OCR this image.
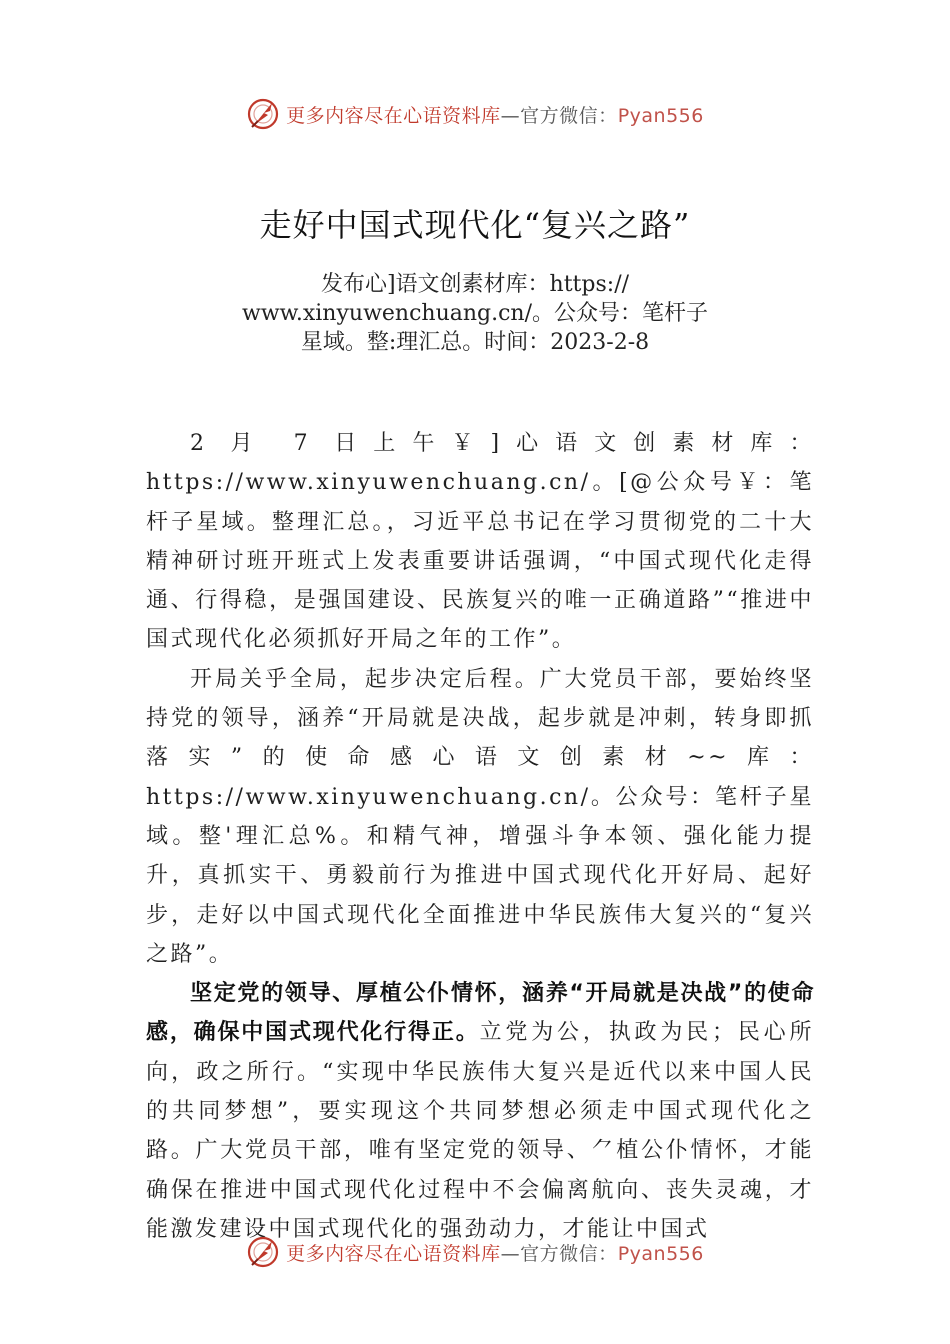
更多内容尽在心语资料库—官方微信：Pyan556
走好中国式现代化“复兴之路”
发布心]语文创素材库：https://
www.xinyuwenchuang.cn/。公众号：笔杆子
星域。整:理汇总。时间：2023-2-8

2 月 7 日上午￥]心语文创素材库：https://www.xinyuwenchuang.cn/。[@公众号￥：笔杆子星域。整理汇总。，习近平总书记在学习贯彻党的二十大精神研讨班开班式上发表重要讲话强调，“中国式现代化走得通、行得稳，是强国建设、民族复兴的唯一正确道路”“推进中国式现代化必须抓好开局之年的工作”。

开局关乎全局，起步决定后程。广大党员干部，要始终坚持党的领导，涵养“开局就是决战，起步就是冲刺，转身即抓落实”的使命感心语文创素材~~库：https://www.xinyuwenchuang.cn/。公众号：笔杆子星域。整'理汇总%。和精气神，增强斗争本领、强化能力提升，真抓实干、勇毅前行为推进中国式现代化开好局、起好步，走好以中国式现代化全面推进中华民族伟大复兴的“复兴之路”。

坚定党的领导、厚植公仆情怀，涵养“开局就是决战”的使命感，确保中国式现代化行得正。立党为公，执政为民；民心所向，政之所行。“实现中华民族伟大复兴是近代以来中国人民的共同梦想”，要实现这个共同梦想必须走中国式现代化之路。广大党员干部，唯有坚定党的领导、⺈植公仆情怀，才能确保在推进中国式现代化过程中不会偏离航向、丧失灵魂，才能激发建设中国式现代化的强劲动力，才能让中国式

更多内容尽在心语资料库—官方微信：Pyan556
